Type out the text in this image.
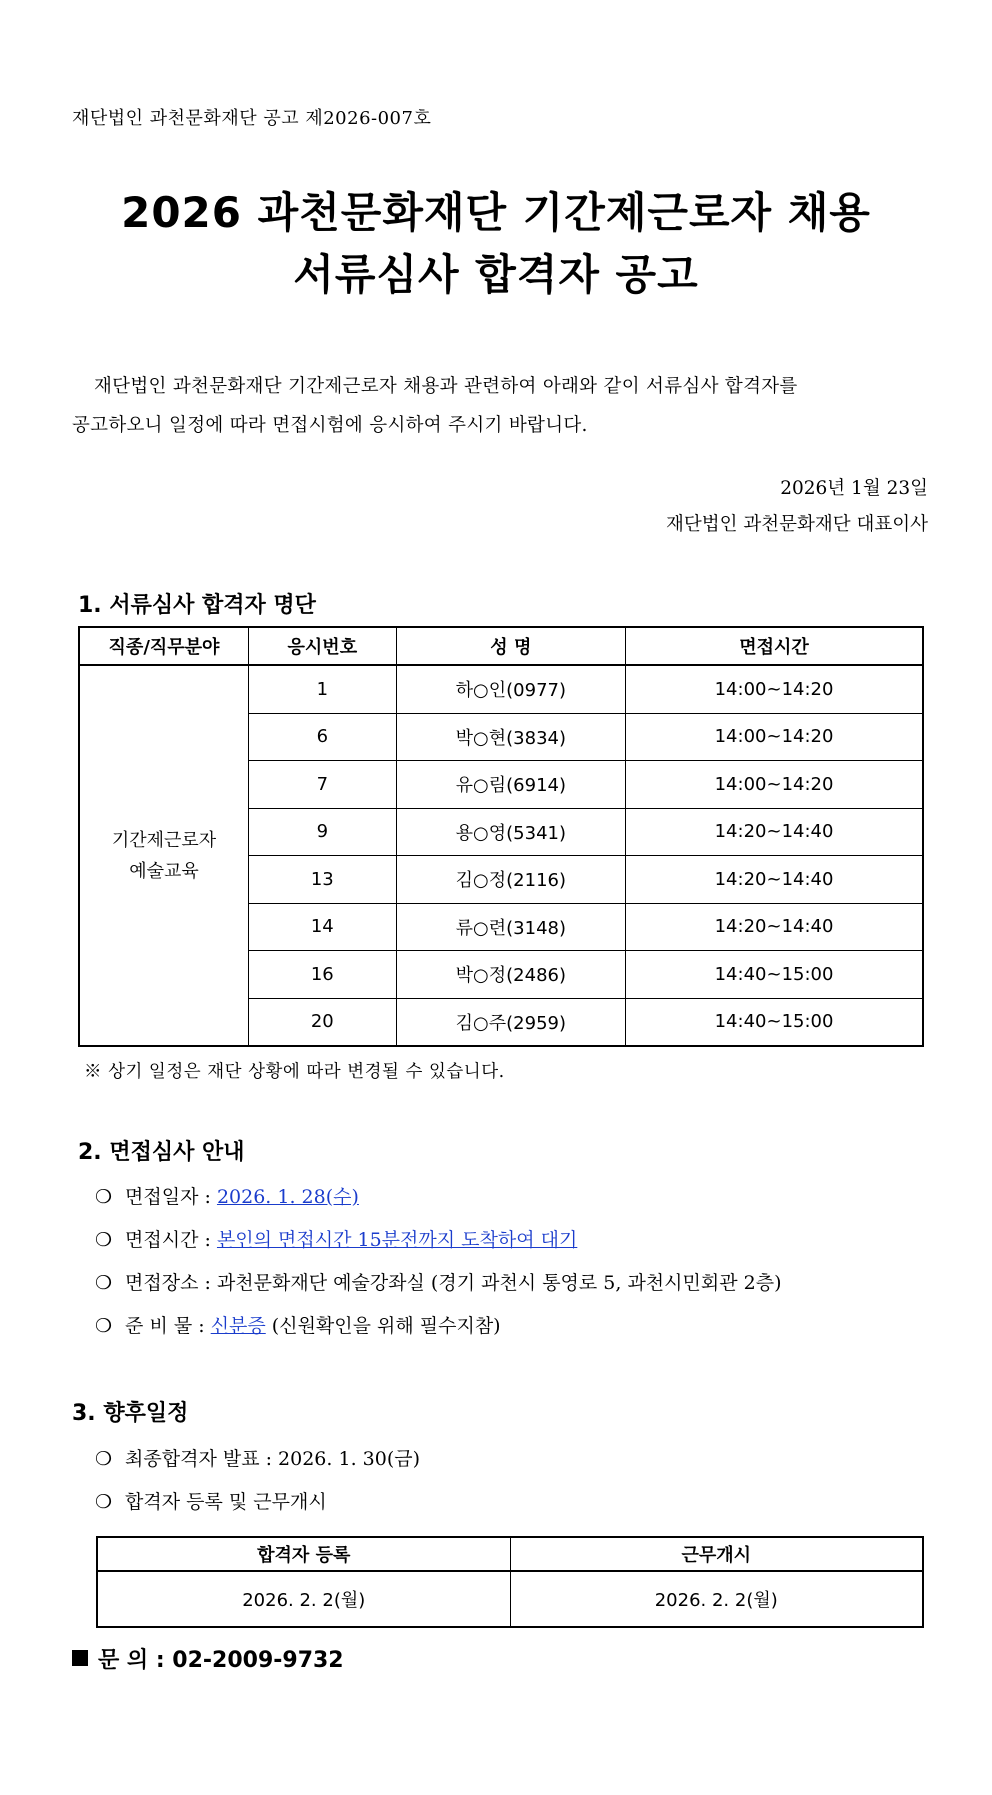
재단법인 과천문화재단 공고 제2026-007호
2026 과천문화재단 기간제근로자 채용
서류심사 합격자 공고
재단법인 과천문화재단 기간제근로자 채용과 관련하여 아래와 같이 서류심사 합격자를
공고하오니 일정에 따라 면접시험에 응시하여 주시기 바랍니다.
2026년 1월 23일
재단법인 과천문화재단 대표이사
1. 서류심사 합격자 명단
직종/직무분야	응시번호	성 명	면접시간
기간제근로자
예술교육	1	하○인(0977)	14:00~14:20
	6	박○현(3834)	14:00~14:20
	7	유○림(6914)	14:00~14:20
	9	용○영(5341)	14:20~14:40
	13	김○정(2116)	14:20~14:40
	14	류○련(3148)	14:20~14:40
	16	박○정(2486)	14:40~15:00
	20	김○주(2959)	14:40~15:00
※ 상기 일정은 재단 상황에 따라 변경될 수 있습니다.
2. 면접심사 안내
❍ 면접일자 : 2026. 1. 28(수)
❍ 면접시간 : 본인의 면접시간 15분전까지 도착하여 대기
❍ 면접장소 : 과천문화재단 예술강좌실 (경기 과천시 통영로 5, 과천시민회관 2층)
❍ 준 비 물 : 신분증 (신원확인을 위해 필수지참)
3. 향후일정
❍ 최종합격자 발표 : 2026. 1. 30(금)
❍ 합격자 등록 및 근무개시
합격자 등록	근무개시
2026. 2. 2(월)	2026. 2. 2(월)
문 의 : 02-2009-9732
